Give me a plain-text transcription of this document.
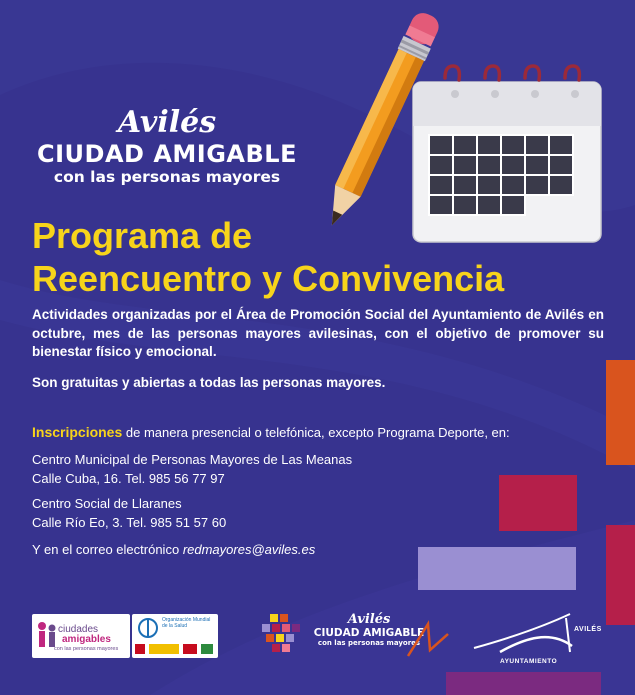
Avilés
CIUDAD AMIGABLE
con las personas mayores
Programa de
Reencuentro y Convivencia
Actividades organizadas por el Área de Promoción Social del Ayuntamiento de Avilés en octubre, mes de las personas mayores avilesinas, con el objetivo de promover su bienestar físico y emocional.
Son gratuitas y abiertas a todas las personas mayores.
Inscripciones de manera presencial o telefónica, excepto Programa Deporte, en:
Centro Municipal de Personas Mayores de Las Meanas
Calle Cuba, 16. Tel. 985 56 77 97
Centro Social de Llaranes
Calle Río Eo, 3. Tel. 985 51 57 60
Y en el correo electrónico redmayores@aviles.es
ciudades
amigables
con las personas mayores
Organización Mundial de la Salud	Avilés
CIUDAD AMIGABLE
con las personas mayores
AVILÉS
AYUNTAMIENTO
